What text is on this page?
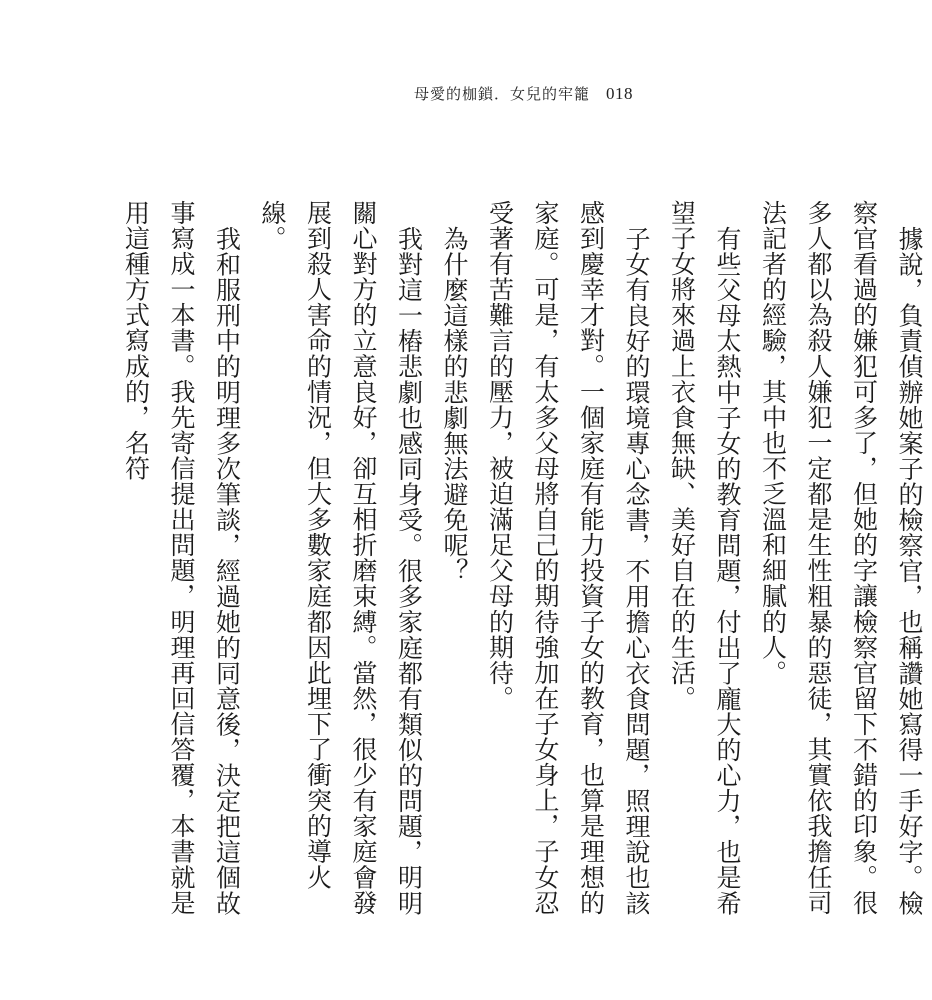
母愛的枷鎖．女兒的牢籠 018

據說，負責偵辦她案子的檢察官，也稱讚她寫得一手好字。檢察官看過的嫌犯可多了，但她的字讓檢察官留下不錯的印象。很多人都以為殺人嫌犯一定都是生性粗暴的惡徒，其實依我擔任司法記者的經驗，其中也不乏溫和細膩的人。

有些父母太熱中子女的教育問題，付出了龐大的心力，也是希望子女將來過上衣食無缺、美好自在的生活。

子女有良好的環境專心念書，不用擔心衣食問題，照理說也該感到慶幸才對。一個家庭有能力投資子女的教育，也算是理想的家庭。可是，有太多父母將自己的期待強加在子女身上，子女忍受著有苦難言的壓力，被迫滿足父母的期待。

為什麼這樣的悲劇無法避免呢？

我對這一樁悲劇也感同身受。很多家庭都有類似的問題，明明關心對方的立意良好，卻互相折磨束縛。當然，很少有家庭會發展到殺人害命的情況，但大多數家庭都因此埋下了衝突的導火線。

我和服刑中的明理多次筆談，經過她的同意後，決定把這個故事寫成一本書。我先寄信提出問題，明理再回信答覆，本書就是用這種方式寫成的，名符
